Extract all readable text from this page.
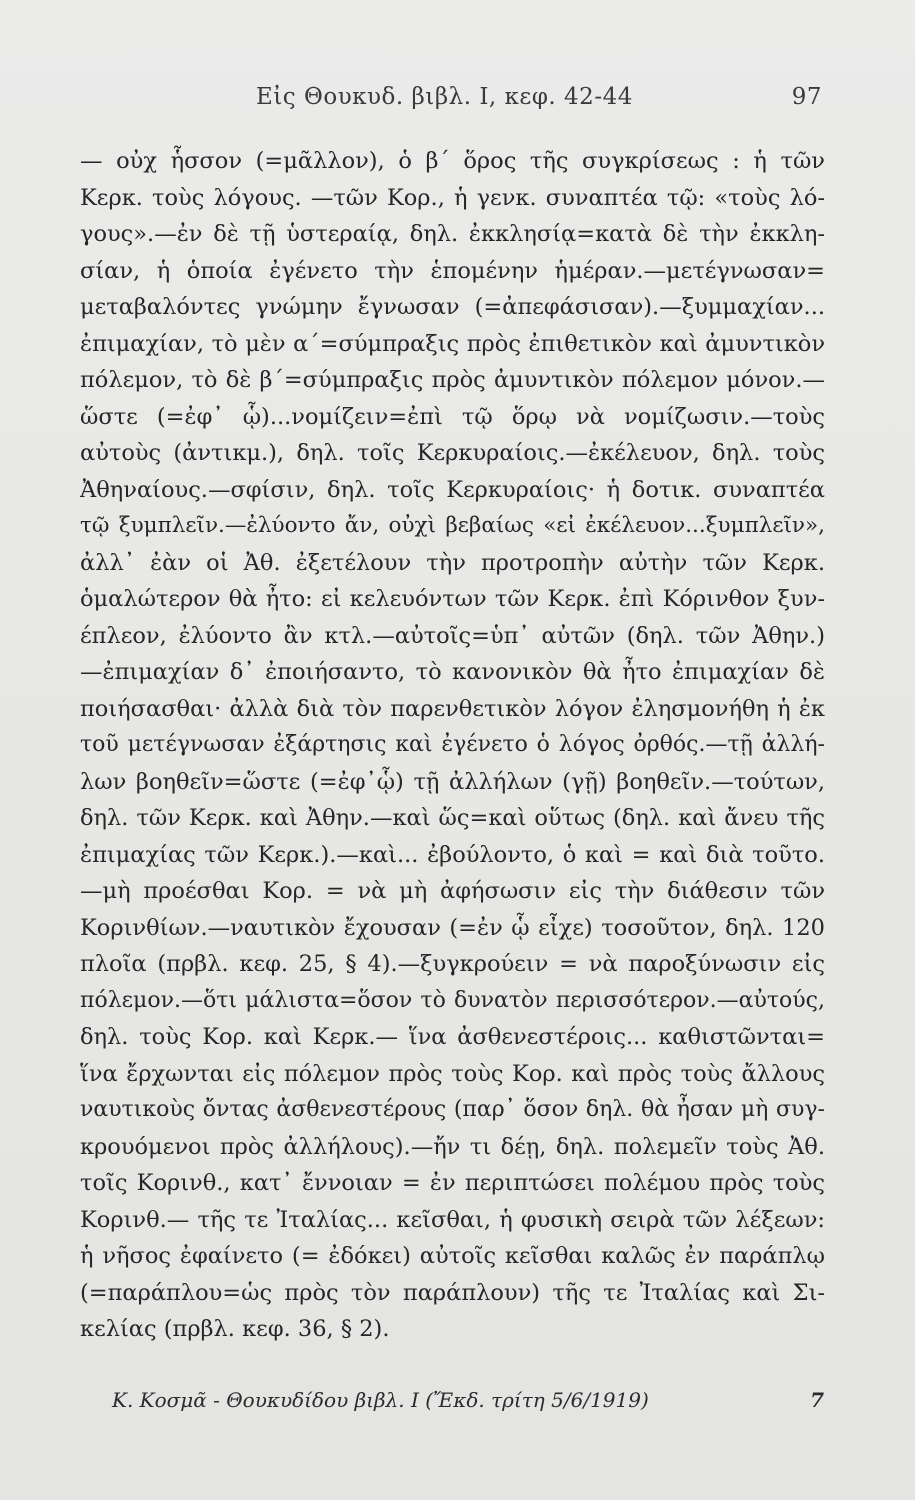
Εἰς Θουκυδ. βιβλ. Ι, κεφ. 42-44	97
— οὐχ ἧσσον (=μᾶλλον), ὁ β΄ ὅρος τῆς συγκρίσεως : ἡ τῶν
Κερκ. τοὺς λόγους. —τῶν Κορ., ἡ γενκ. συναπτέα τῷ: «τοὺς λό-
γους».—ἐν δὲ τῇ ὑστεραίᾳ, δηλ. ἐκκλησίᾳ=κατὰ δὲ τὴν ἐκκλη-
σίαν, ἡ ὁποία ἐγένετο τὴν ἑπομένην ἡμέραν.—μετέγνωσαν=
μεταβαλόντες γνώμην ἔγνωσαν (=ἀπεφάσισαν).—ξυμμαχίαν...
ἐπιμαχίαν, τὸ μὲν α΄=σύμπραξις πρὸς ἐπιθετικὸν καὶ ἀμυντικὸν
πόλεμον, τὸ δὲ β΄=σύμπραξις πρὸς ἀμυντικὸν πόλεμον μόνον.—
ὥστε (=ἐφ᾽ ᾧ)...νομίζειν=ἐπὶ τῷ ὅρῳ νὰ νομίζωσιν.—τοὺς
αὐτοὺς (ἀντικμ.), δηλ. τοῖς Κερκυραίοις.—ἐκέλευον, δηλ. τοὺς
Ἀθηναίους.—σφίσιν, δηλ. τοῖς Κερκυραίοις· ἡ δοτικ. συναπτέα
τῷ ξυμπλεῖν.—ἐλύοντο ἄν, οὐχὶ βεβαίως «εἰ ἐκέλευον...ξυμπλεῖν»,
ἀλλ᾽ ἐὰν οἱ Ἀθ. ἐξετέλουν τὴν προτροπὴν αὐτὴν τῶν Κερκ.
ὁμαλώτερον θὰ ἦτο: εἰ κελευόντων τῶν Κερκ. ἐπὶ Κόρινθον ξυν-
έπλεον, ἐλύοντο ἂν κτλ.—αὐτοῖς=ὑπ᾽ αὐτῶν (δηλ. τῶν Ἀθην.)
—ἐπιμαχίαν δ᾽ ἐποιήσαντο, τὸ κανονικὸν θὰ ἦτο ἐπιμαχίαν δὲ
ποιήσασθαι· ἀλλὰ διὰ τὸν παρενθετικὸν λόγον ἐλησμονήθη ἡ ἐκ
τοῦ μετέγνωσαν ἐξάρτησις καὶ ἐγένετο ὁ λόγος ὀρθός.—τῇ ἀλλή-
λων βοηθεῖν=ὥστε (=ἐφ᾽ᾧ) τῇ ἀλλήλων (γῇ) βοηθεῖν.—τούτων,
δηλ. τῶν Κερκ. καὶ Ἀθην.—καὶ ὥς=καὶ οὕτως (δηλ. καὶ ἄνευ τῆς
ἐπιμαχίας τῶν Κερκ.).—καὶ... ἐβούλοντο, ὁ καὶ = καὶ διὰ τοῦτο.
—μὴ προέσθαι Κορ. = νὰ μὴ ἀφήσωσιν εἰς τὴν διάθεσιν τῶν
Κορινθίων.—ναυτικὸν ἔχουσαν (=ἐν ᾧ εἶχε) τοσοῦτον, δηλ. 120
πλοῖα (πρβλ. κεφ. 25, § 4).—ξυγκρούειν = νὰ παροξύνωσιν εἰς
πόλεμον.—ὅτι μάλιστα=ὅσον τὸ δυνατὸν περισσότερον.—αὐτούς,
δηλ. τοὺς Κορ. καὶ Κερκ.— ἵνα ἀσθενεστέροις... καθιστῶνται=
ἵνα ἔρχωνται εἰς πόλεμον πρὸς τοὺς Κορ. καὶ πρὸς τοὺς ἄλλους
ναυτικοὺς ὄντας ἀσθενεστέρους (παρ᾽ ὅσον δηλ. θὰ ἦσαν μὴ συγ-
κρουόμενοι πρὸς ἀλλήλους).—ἤν τι δέῃ, δηλ. πολεμεῖν τοὺς Ἀθ.
τοῖς Κορινθ., κατ᾽ ἔννοιαν = ἐν περιπτώσει πολέμου πρὸς τοὺς
Κορινθ.— τῆς τε Ἰταλίας... κεῖσθαι, ἡ φυσικὴ σειρὰ τῶν λέξεων:
ἡ νῆσος ἐφαίνετο (= ἐδόκει) αὐτοῖς κεῖσθαι καλῶς ἐν παράπλῳ
(=παράπλου=ὡς πρὸς τὸν παράπλουν) τῆς τε Ἰταλίας καὶ Σι-
κελίας (πρβλ. κεφ. 36, § 2).
Κ. Κοσμᾶ - Θουκυδίδου βιβλ. Ι (Ἔκδ. τρίτη 5/6/1919)	7
